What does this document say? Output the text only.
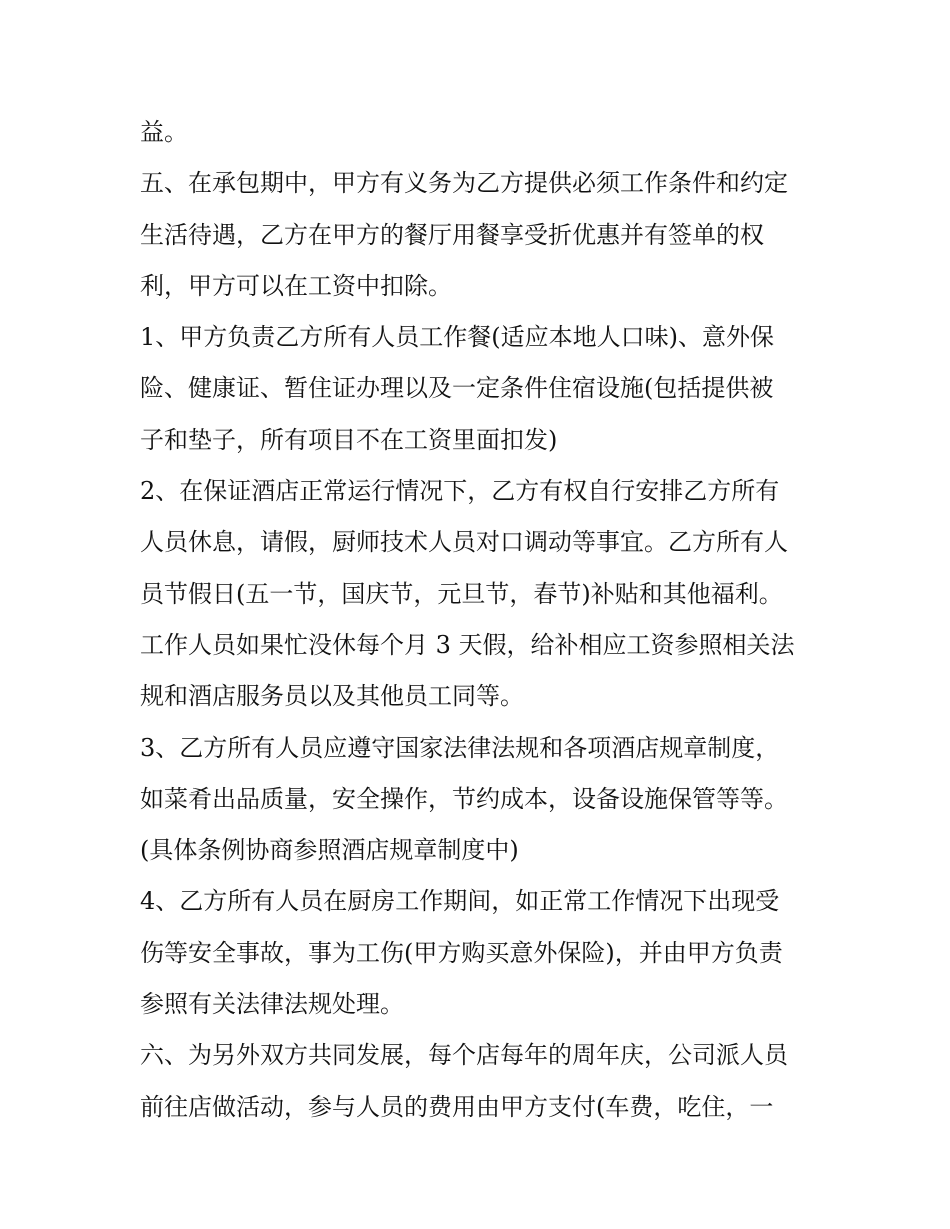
益。
五、在承包期中，甲方有义务为乙方提供必须工作条件和约定
生活待遇，乙方在甲方的餐厅用餐享受折优惠并有签单的权
利，甲方可以在工资中扣除。
1、甲方负责乙方所有人员工作餐(适应本地人口味)、意外保
险、健康证、暂住证办理以及一定条件住宿设施(包括提供被
子和垫子，所有项目不在工资里面扣发)
2、在保证酒店正常运行情况下，乙方有权自行安排乙方所有
人员休息，请假，厨师技术人员对口调动等事宜。乙方所有人
员节假日(五一节，国庆节，元旦节，春节)补贴和其他福利。
工作人员如果忙没休每个月 3 天假，给补相应工资参照相关法
规和酒店服务员以及其他员工同等。
3、乙方所有人员应遵守国家法律法规和各项酒店规章制度，
如菜肴出品质量，安全操作，节约成本，设备设施保管等等。
(具体条例协商参照酒店规章制度中)
4、乙方所有人员在厨房工作期间，如正常工作情况下出现受
伤等安全事故，事为工伤(甲方购买意外保险)，并由甲方负责
参照有关法律法规处理。
六、为另外双方共同发展，每个店每年的周年庆，公司派人员
前往店做活动，参与人员的费用由甲方支付(车费，吃住，一
